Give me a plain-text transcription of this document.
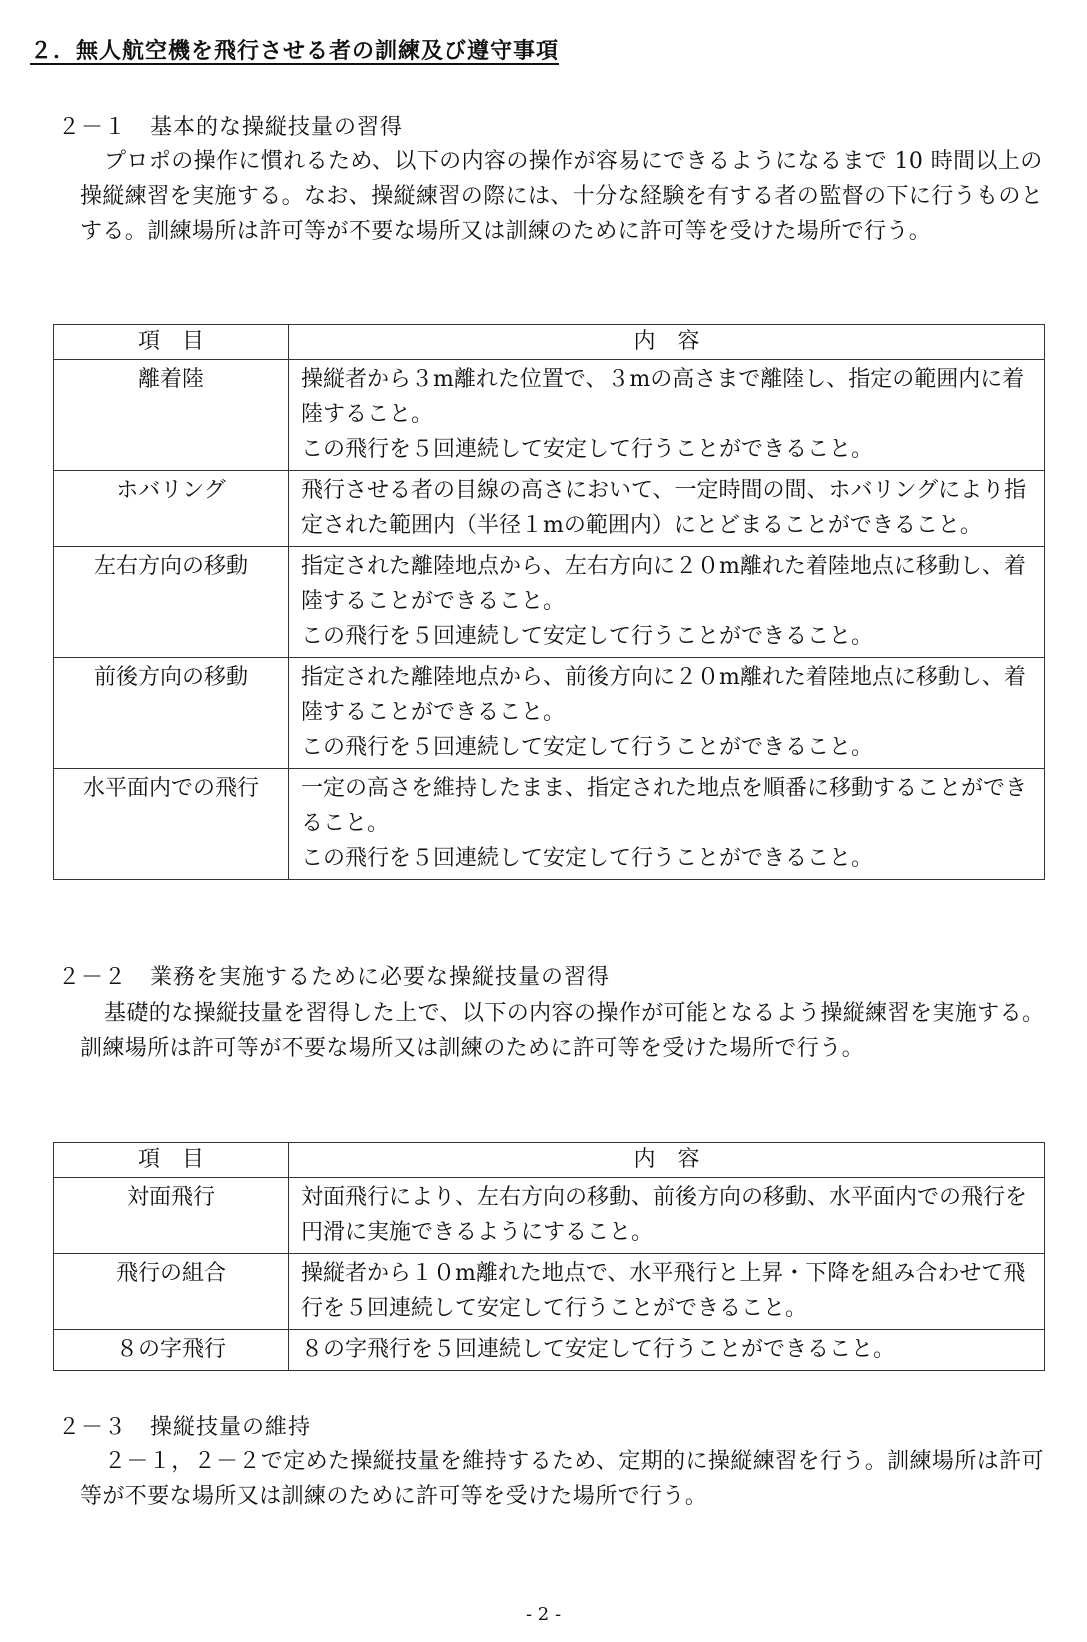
２．無人航空機を飛行させる者の訓練及び遵守事項
２－１　基本的な操縦技量の習得

プロポの操作に慣れるため、以下の内容の操作が容易にできるようになるまで 10 時間以上の操縦練習を実施する。なお、操縦練習の際には、十分な経験を有する者の監督の下に行うものとする。訓練場所は許可等が不要な場所又は訓練のために許可等を受けた場所で行う。

項　目	内　容
離着陸	操縦者から３m離れた位置で、３mの高さまで離陸し、指定の範囲内に着陸すること。
この飛行を５回連続して安定して行うことができること。

ホバリング	飛行させる者の目線の高さにおいて、一定時間の間、ホバリングにより指定された範囲内（半径１mの範囲内）にとどまることができること。

左右方向の移動	指定された離陸地点から、左右方向に２０m離れた着陸地点に移動し、着陸することができること。
この飛行を５回連続して安定して行うことができること。

前後方向の移動	指定された離陸地点から、前後方向に２０m離れた着陸地点に移動し、着陸することができること。
この飛行を５回連続して安定して行うことができること。

水平面内での飛行	一定の高さを維持したまま、指定された地点を順番に移動することができること。
この飛行を５回連続して安定して行うことができること。
２－２　業務を実施するために必要な操縦技量の習得

基礎的な操縦技量を習得した上で、以下の内容の操作が可能となるよう操縦練習を実施する。訓練場所は許可等が不要な場所又は訓練のために許可等を受けた場所で行う。

項　目	内　容
対面飛行	対面飛行により、左右方向の移動、前後方向の移動、水平面内での飛行を円滑に実施できるようにすること。

飛行の組合	操縦者から１０m離れた地点で、水平飛行と上昇・下降を組み合わせて飛行を５回連続して安定して行うことができること。

８の字飛行	８の字飛行を５回連続して安定して行うことができること。
２－３　操縦技量の維持

２－１，２－２で定めた操縦技量を維持するため、定期的に操縦練習を行う。訓練場所は許可等が不要な場所又は訓練のために許可等を受けた場所で行う。

- 2 -
